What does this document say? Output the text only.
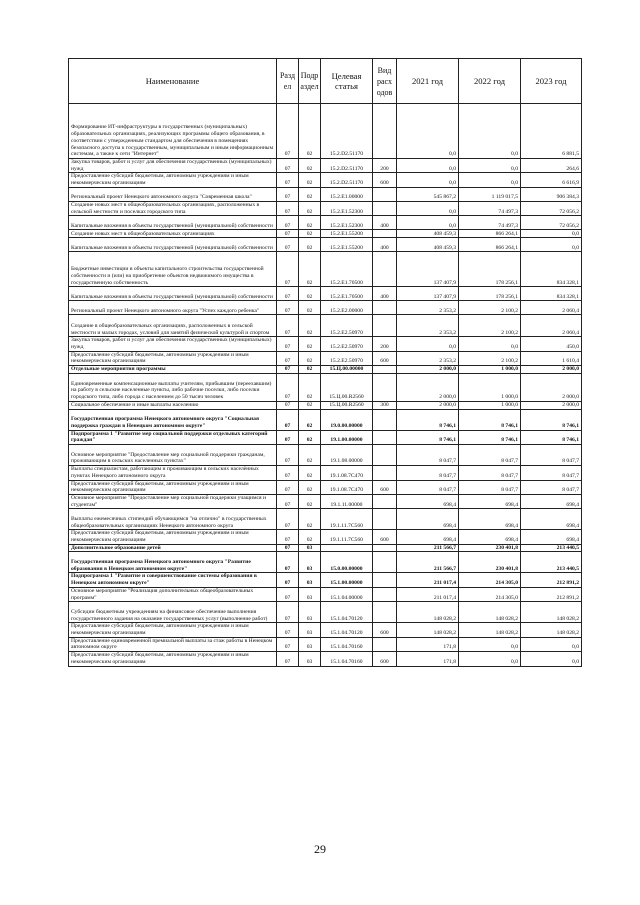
Наименование	Разд ел	Подр аздел	Целевая статья	Вид расх одов	2021 год	2022 год	2023 год
Формирование ИТ-инфраструктуры в государственных (муниципальных) образовательных организациях, реализующих программы общего образования, в соответствии с утвержденным стандартом для обеспечения в помещениях безопасного доступа к государственным, муниципальным и иным информационным системам, а также к сети "Интернет"	07	02	15.2.D2.51170		0,0	0,0	6 881,5
Закупка товаров, работ и услуг для обеспечения государственных (муниципальных) нужд	07	02	15.2.D2.51170	200	0,0	0,0	264,6
Предоставление субсидий бюджетным, автономным учреждениям и иным некоммерческим организациям	07	02	15.2.D2.51170	600	0,0	0,0	6 616,9
Региональный проект Ненецкого автономного округа "Современная школа"	07	02	15.2.E1.00000		545 867,2	1 119 017,5	906 384,3
Создание новых мест в общеобразовательных организациях, расположенных в сельской местности и поселках городского типа	07	02	15.2.E1.52300		0,0	74 497,3	72 056,2
Капитальные вложения в объекты государственной (муниципальной) собственности	07	02	15.2.E1.52300	400	0,0	74 497,3	72 056,2
Создание новых мест в общеобразовательных организациях	07	02	15.2.E1.55200		408 459,3	866 264,1	0,0
Капитальные вложения в объекты государственной (муниципальной) собственности	07	02	15.2.E1.55200	400	408 459,3	866 264,1	0,0
Бюджетные инвестиции в объекты капитального строительства государственной собственности и (или) на приобретение объектов недвижимого имущества в государственную собственность	07	02	15.2.E1.70500		137 407,9	178 256,1	834 328,1
Капитальные вложения в объекты государственной (муниципальной) собственности	07	02	15.2.E1.70500	400	137 407,9	178 256,1	834 328,1
Региональный проект Ненецкого автономного округа "Успех каждого ребенка"	07	02	15.2.E2.00000		2 353,2	2 100,2	2 060,4
Создание в общеобразовательных организациях, расположенных в сельской местности и малых городах, условий для занятий физической культурой и спортом	07	02	15.2.E2.50970		2 353,2	2 100,2	2 060,4
Закупка товаров, работ и услуг для обеспечения государственных (муниципальных) нужд	07	02	15.2.E2.50970	200	0,0	0,0	450,0
Предоставление субсидий бюджетным, автономным учреждениям и иным некоммерческим организациям	07	02	15.2.E2.50970	600	2 353,2	2 100,2	1 610,4
Отдельные мероприятия программы	07	02	15.Ц.00.00000		2 000,0	1 000,0	2 000,0
Единовременные компенсационные выплаты учителям, прибывшим (переехавшим) на работу в сельские населенные пункты, либо рабочие поселки, либо поселки городского типа, либо города с населением до 50 тысяч человек	07	02	15.Ц.00.R2560		2 000,0	1 000,0	2 000,0
Социальное обеспечение и иные выплаты населению	07	02	15.Ц.00.R2560	300	2 000,0	1 000,0	2 000,0
Государственная программа Ненецкого автономного округа "Социальная поддержка граждан в Ненецком автономном округе"	07	02	19.0.00.00000		8 746,1	8 746,1	8 746,1
Подпрограмма 1 "Развитие мер социальной поддержки отдельных категорий граждан"	07	02	19.1.00.00000		8 746,1	8 746,1	8 746,1
Основное мероприятие "Предоставление мер социальной поддержки гражданам, проживающим в сельских населенных пунктах"	07	02	19.1.08.00000		8 047,7	8 047,7	8 047,7
Выплаты специалистам, работающим и проживающим в сельских населённых пунктах Ненецкого автономного округа	07	02	19.1.08.7С470		8 047,7	8 047,7	8 047,7
Предоставление субсидий бюджетным, автономным учреждениям и иным некоммерческим организациям	07	02	19.1.08.7С470	600	8 047,7	8 047,7	8 047,7
Основное мероприятие "Предоставление мер социальной поддержки учащимся и студентам"	07	02	19.1.11.00000		698,4	698,4	698,4
Выплаты ежемесячных стипендий обучающимся "на отлично" в государственных общеобразовательных организациях Ненецкого автономного округа	07	02	19.1.11.7С560		698,4	698,4	698,4
Предоставление субсидий бюджетным, автономным учреждениям и иным некоммерческим организациям	07	02	19.1.11.7С560	600	698,4	698,4	698,4
Дополнительное образование детей	07	03			211 566,7	230 401,8	213 440,5
Государственная программа Ненецкого автономного округа "Развитие образования в Ненецком автономном округе"	07	03	15.0.00.00000		211 566,7	230 401,8	213 440,5
Подпрограмма 1 "Развитие и совершенствование системы образования в Ненецком автономном округе"	07	03	15.1.00.00000		211 017,4	214 305,0	212 891,2
Основное мероприятие "Реализация дополнительных общеобразовательных программ"	07	03	15.1.04.00000		211 017,4	214 305,0	212 891,2
Субсидии бюджетным учреждениям на финансовое обеспечение выполнения государственного задания на оказание государственных услуг (выполнение работ)	07	03	15.1.04.70120		148 028,2	148 028,2	148 028,2
Предоставление субсидий бюджетным, автономным учреждениям и иным некоммерческим организациям	07	03	15.1.04.70120	600	148 028,2	148 028,2	148 028,2
Предоставление единовременной премиальной выплаты за стаж работы в Ненецком автономном округе	07	03	15.1.04.70160		171,8	0,0	0,0
Предоставление субсидий бюджетным, автономным учреждениям и иным некоммерческим организациям	07	03	15.1.04.70160	600	171,8	0,0	0,0
29
